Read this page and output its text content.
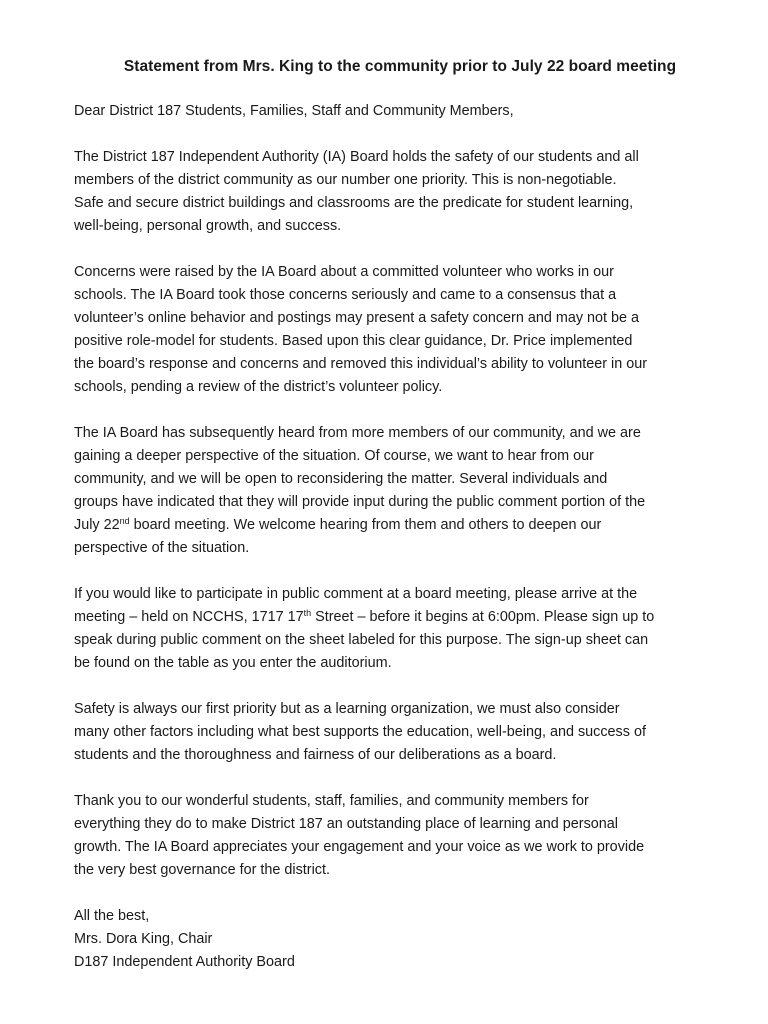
Statement from Mrs. King to the community prior to July 22 board meeting
Dear District 187 Students, Families, Staff and Community Members,
The District 187 Independent Authority (IA) Board holds the safety of our students and all
members of the district community as our number one priority. This is non-negotiable.
Safe and secure district buildings and classrooms are the predicate for student learning,
well-being, personal growth, and success.
Concerns were raised by the IA Board about a committed volunteer who works in our
schools. The IA Board took those concerns seriously and came to a consensus that a
volunteer’s online behavior and postings may present a safety concern and may not be a
positive role-model for students. Based upon this clear guidance, Dr. Price implemented
the board’s response and concerns and removed this individual’s ability to volunteer in our
schools, pending a review of the district’s volunteer policy.
The IA Board has subsequently heard from more members of our community, and we are
gaining a deeper perspective of the situation. Of course, we want to hear from our
community, and we will be open to reconsidering the matter. Several individuals and
groups have indicated that they will provide input during the public comment portion of the
July 22nd board meeting. We welcome hearing from them and others to deepen our
perspective of the situation.
If you would like to participate in public comment at a board meeting, please arrive at the
meeting – held on NCCHS, 1717 17th Street – before it begins at 6:00pm. Please sign up to
speak during public comment on the sheet labeled for this purpose. The sign-up sheet can
be found on the table as you enter the auditorium.
Safety is always our first priority but as a learning organization, we must also consider
many other factors including what best supports the education, well-being, and success of
students and the thoroughness and fairness of our deliberations as a board.
Thank you to our wonderful students, staff, families, and community members for
everything they do to make District 187 an outstanding place of learning and personal
growth. The IA Board appreciates your engagement and your voice as we work to provide
the very best governance for the district.
All the best,
Mrs. Dora King, Chair
D187 Independent Authority Board
